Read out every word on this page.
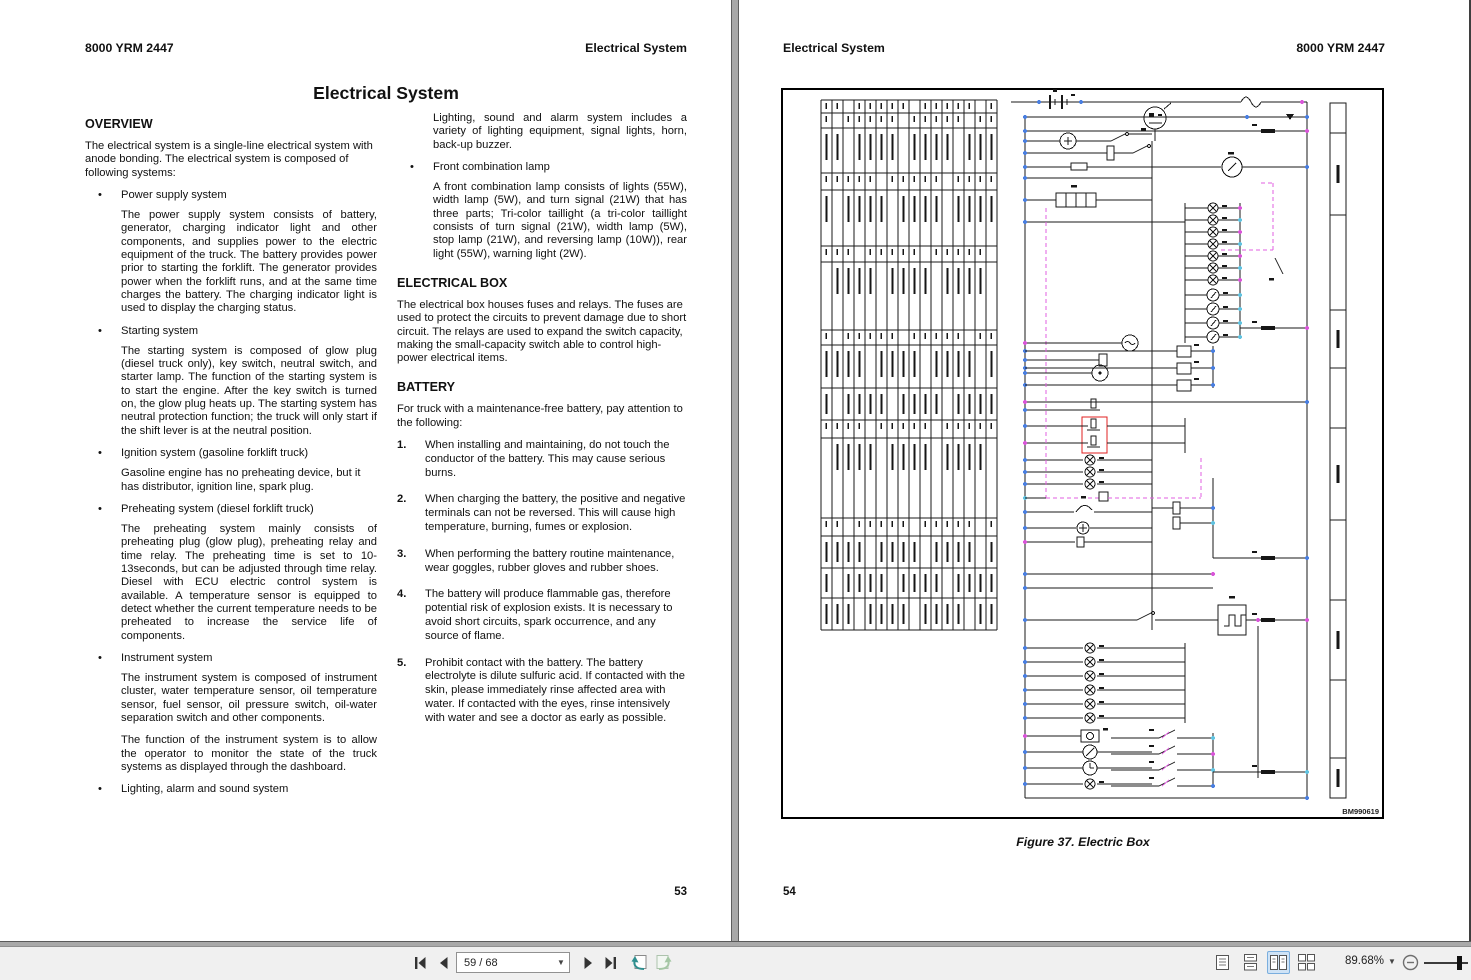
8000 YRM 2447	Electrical System
Electrical System
OVERVIEW
The electrical system is a single-line electrical system with anode bonding. The electrical system is composed of following systems:
•	Power supply system
The power supply system consists of battery, generator, charging indicator light and other components, and supplies power to the electric equipment of the truck. The battery provides power prior to starting the forklift. The generator provides power when the forklift runs, and at the same time charges the battery. The charging indicator light is used to display the charging status.
•	Starting system
The starting system is composed of glow plug (diesel truck only), key switch, neutral switch, and starter lamp. The function of the starting system is to start the engine. After the key switch is turned on, the glow plug heats up. The starting system has neutral protection function; the truck will only start if the shift lever is at the neutral position.
•	Ignition system (gasoline forklift truck)
Gasoline engine has no preheating device, but it has distributor, ignition line, spark plug.
•	Preheating system (diesel forklift truck)
The preheating system mainly consists of preheating plug (glow plug), preheating relay and time relay. The preheating time is set to 10-13seconds, but can be adjusted through time relay. Diesel with ECU electric control system is available. A temperature sensor is equipped to detect whether the current temperature needs to be preheated to increase the service life of components.
•	Instrument system
The instrument system is composed of instrument cluster, water temperature sensor, oil temperature sensor, fuel sensor, oil pressure switch, oil-water separation switch and other components.
The function of the instrument system is to allow the operator to monitor the state of the truck systems as displayed through the dashboard.
•	Lighting, alarm and sound system
Lighting, sound and alarm system includes a variety of lighting equipment, signal lights, horn, back-up buzzer.
•	Front combination lamp
A front combination lamp consists of lights (55W), width lamp (5W), and turn signal (21W) that has three parts; Tri-color taillight (a tri-color taillight consists of turn signal (21W), width lamp (5W), stop lamp (21W), and reversing lamp (10W)), rear light (55W), warning light (2W).
ELECTRICAL BOX
The electrical box houses fuses and relays. The fuses are used to protect the circuits to prevent damage due to short circuit. The relays are used to expand the switch capacity, making the small-capacity switch able to control high-power electrical items.
BATTERY
For truck with a maintenance-free battery, pay attention to the following:
1.	When installing and maintaining, do not touch the conductor of the battery. This may cause serious burns.
2.	When charging the battery, the positive and negative terminals can not be reversed. This will cause high temperature, burning, fumes or explosion.
3.	When performing the battery routine maintenance, wear goggles, rubber gloves and rubber shoes.
4.	The battery will produce flammable gas, therefore potential risk of explosion exists. It is necessary to avoid short circuits, spark occurrence, and any source of flame.
5.	Prohibit contact with the battery. The battery electrolyte is dilute sulfuric acid. If contacted with the skin, please immediately rinse affected area with water. If contacted with the eyes, rinse intensively with water and see a doctor as early as possible.
53
Electrical System	8000 YRM 2447
BM990619
Figure 37. Electric Box
54
59 / 68	▼	89.68% ▼
